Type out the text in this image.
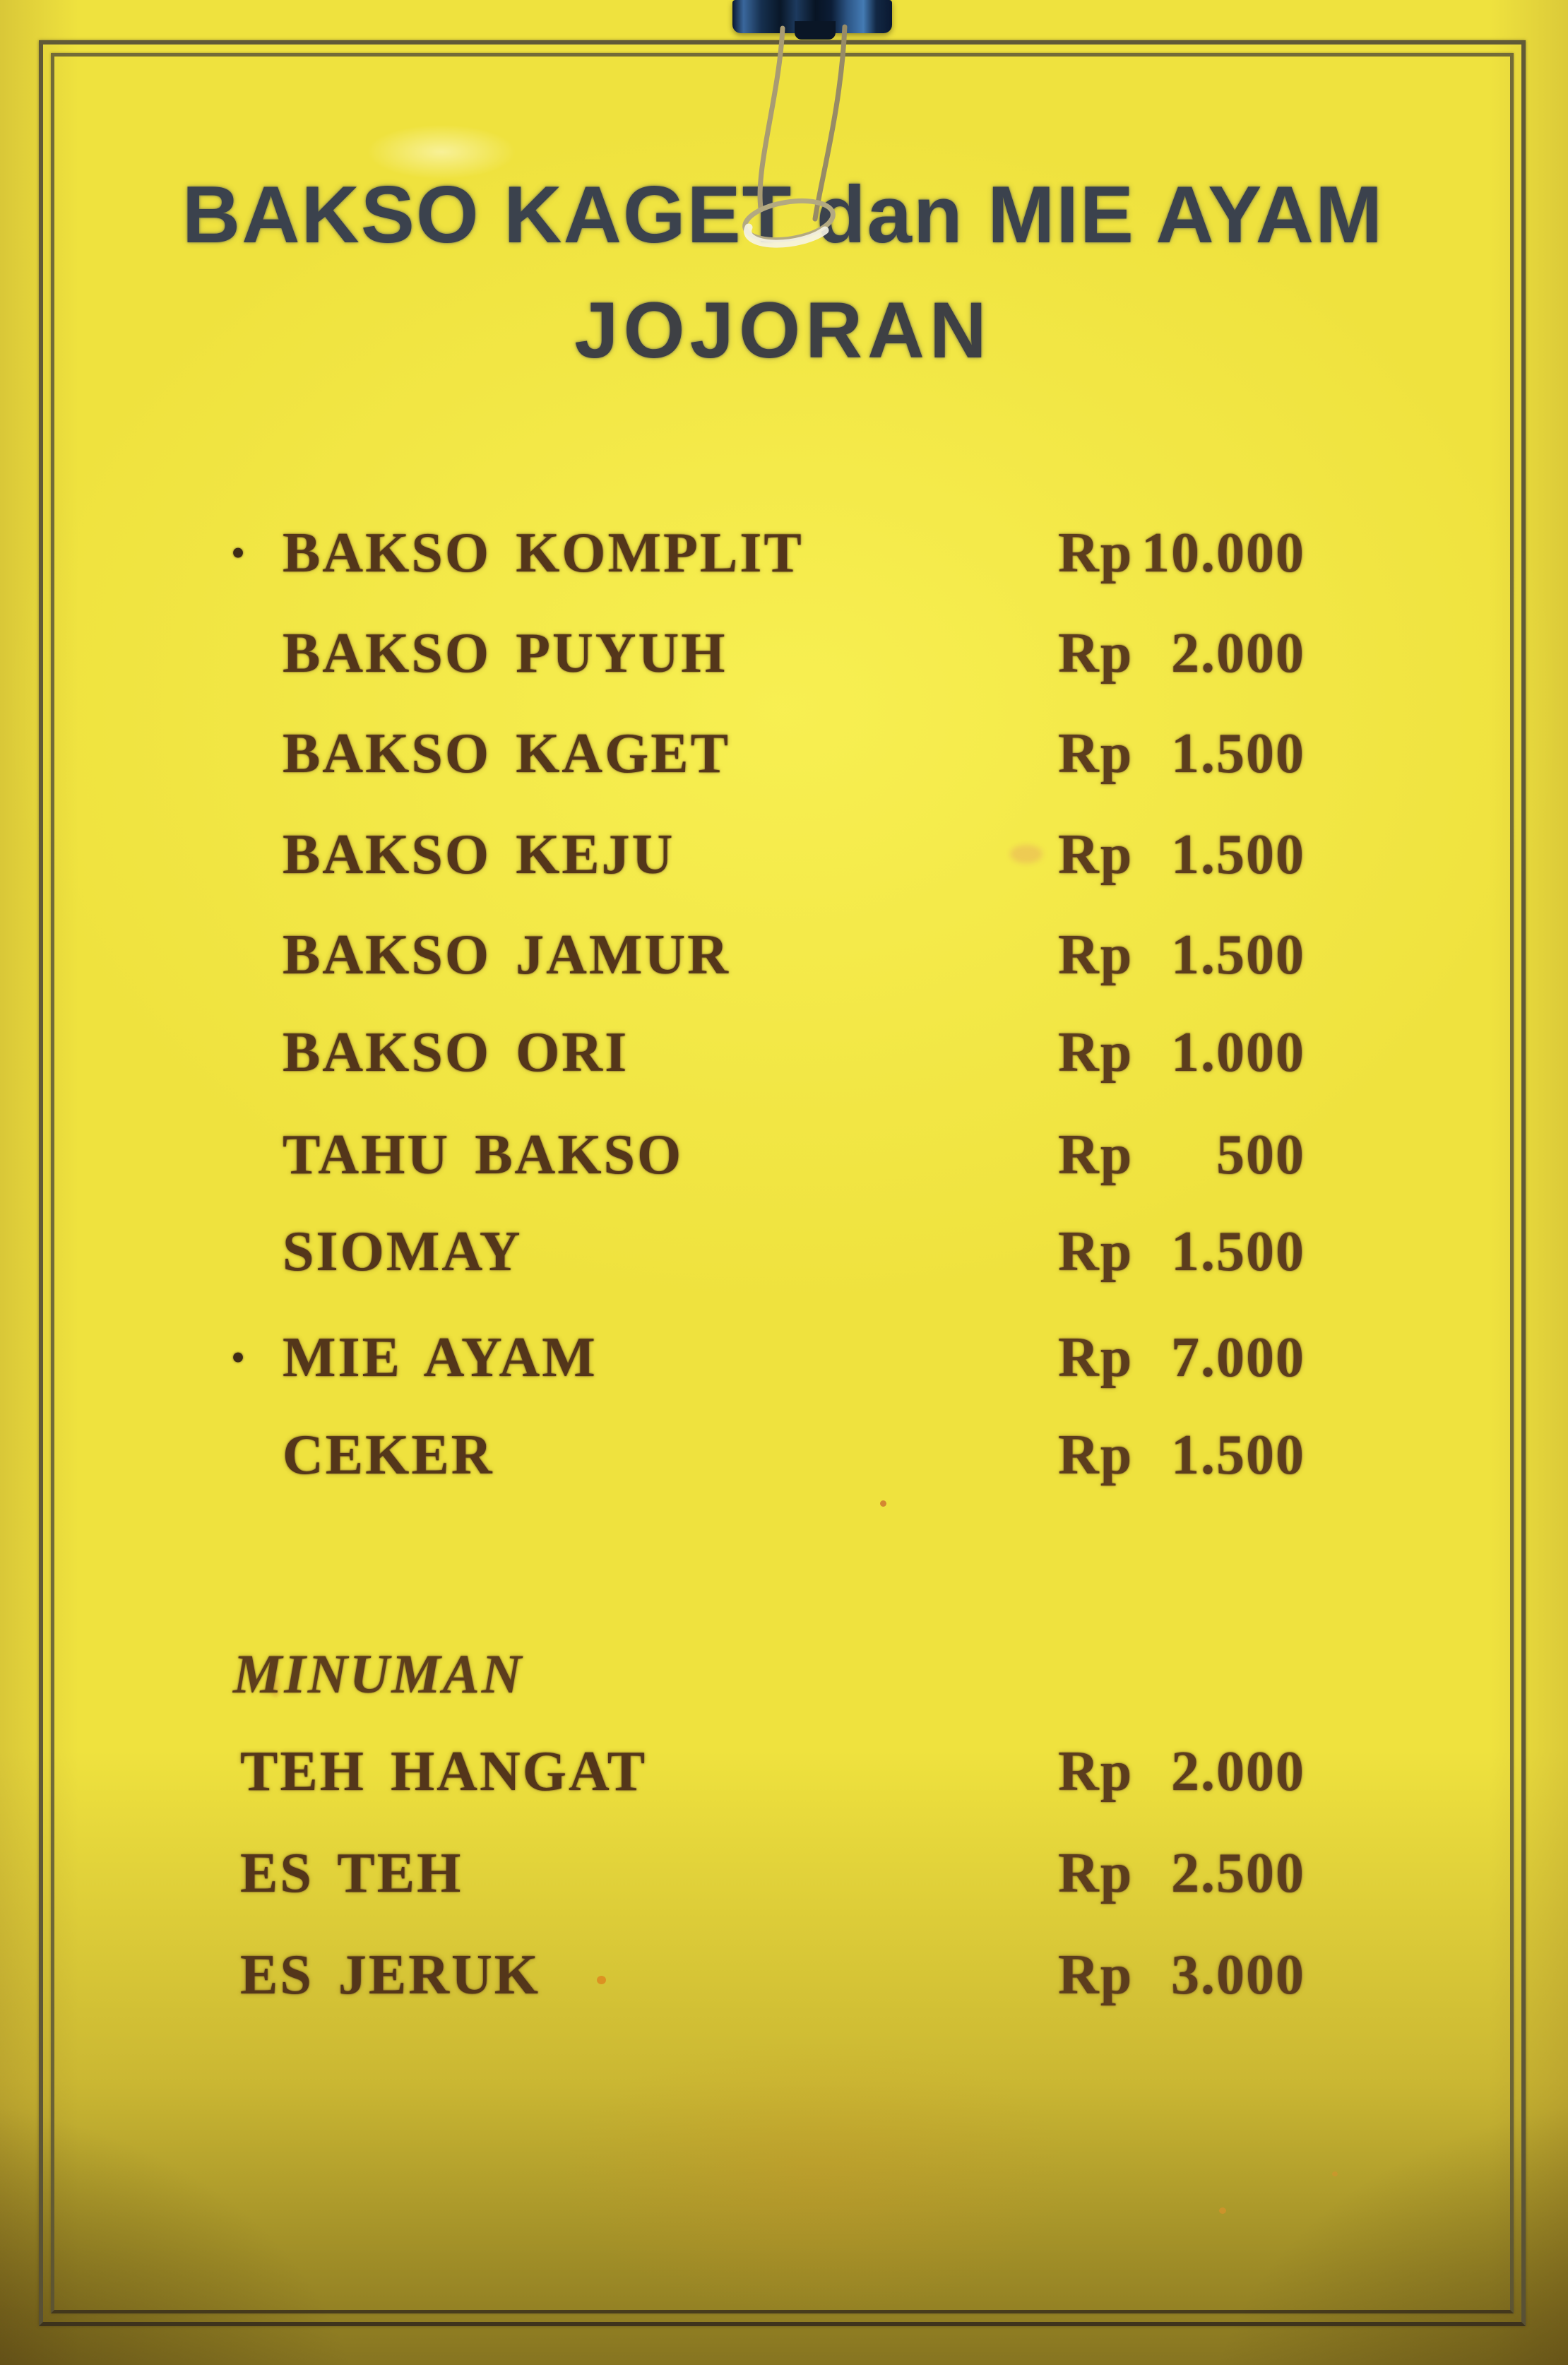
BAKSO KAGET dan MIE AYAM
JOJORAN
• BAKSO KOMPLIT	Rp 10.000
BAKSO PUYUH	Rp 2.000
BAKSO KAGET	Rp 1.500
BAKSO KEJU	Rp 1.500
BAKSO JAMUR	Rp 1.500
BAKSO ORI	Rp 1.000
TAHU BAKSO	Rp 500
SIOMAY	Rp 1.500
• MIE AYAM	Rp 7.000
CEKER	Rp 1.500
MINUMAN
TEH HANGAT	Rp 2.000
ES TEH	Rp 2.500
ES JERUK	Rp 3.000
